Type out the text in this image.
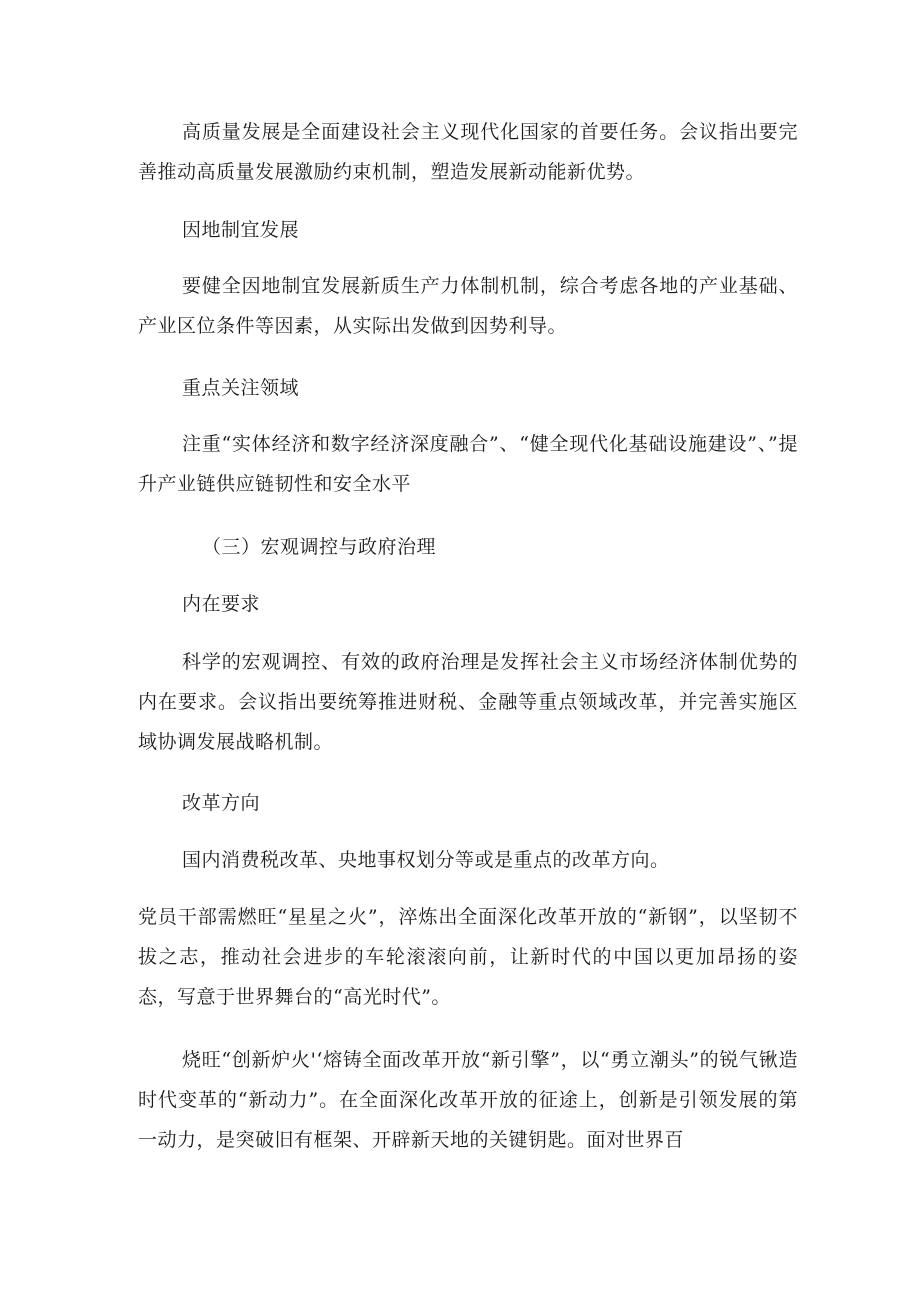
高质量发展是全面建设社会主义现代化国家的首要任务。会议指出要完善推动高质量发展激励约束机制，塑造发展新动能新优势。

因地制宜发展

要健全因地制宜发展新质生产力体制机制，综合考虑各地的产业基础、产业区位条件等因素，从实际出发做到因势利导。

重点关注领域

注重“实体经济和数字经济深度融合”、“健全现代化基础设施建设”、”提升产业链供应链韧性和安全水平

（三）宏观调控与政府治理

内在要求

科学的宏观调控、有效的政府治理是发挥社会主义市场经济体制优势的内在要求。会议指出要统筹推进财税、金融等重点领域改革，并完善实施区域协调发展战略机制。

改革方向

国内消费税改革、央地事权划分等或是重点的改革方向。

党员干部需燃旺“星星之火”，淬炼出全面深化改革开放的“新钢”，以坚韧不拔之志，推动社会进步的车轮滚滚向前，让新时代的中国以更加昂扬的姿态，写意于世界舞台的“高光时代”。

烧旺“创新炉火'‘熔铸全面改革开放“新引擎”，以“勇立潮头”的锐气锹造时代变革的“新动力”。在全面深化改革开放的征途上，创新是引领发展的第一动力，是突破旧有框架、开辟新天地的关键钥匙。面对世界百
